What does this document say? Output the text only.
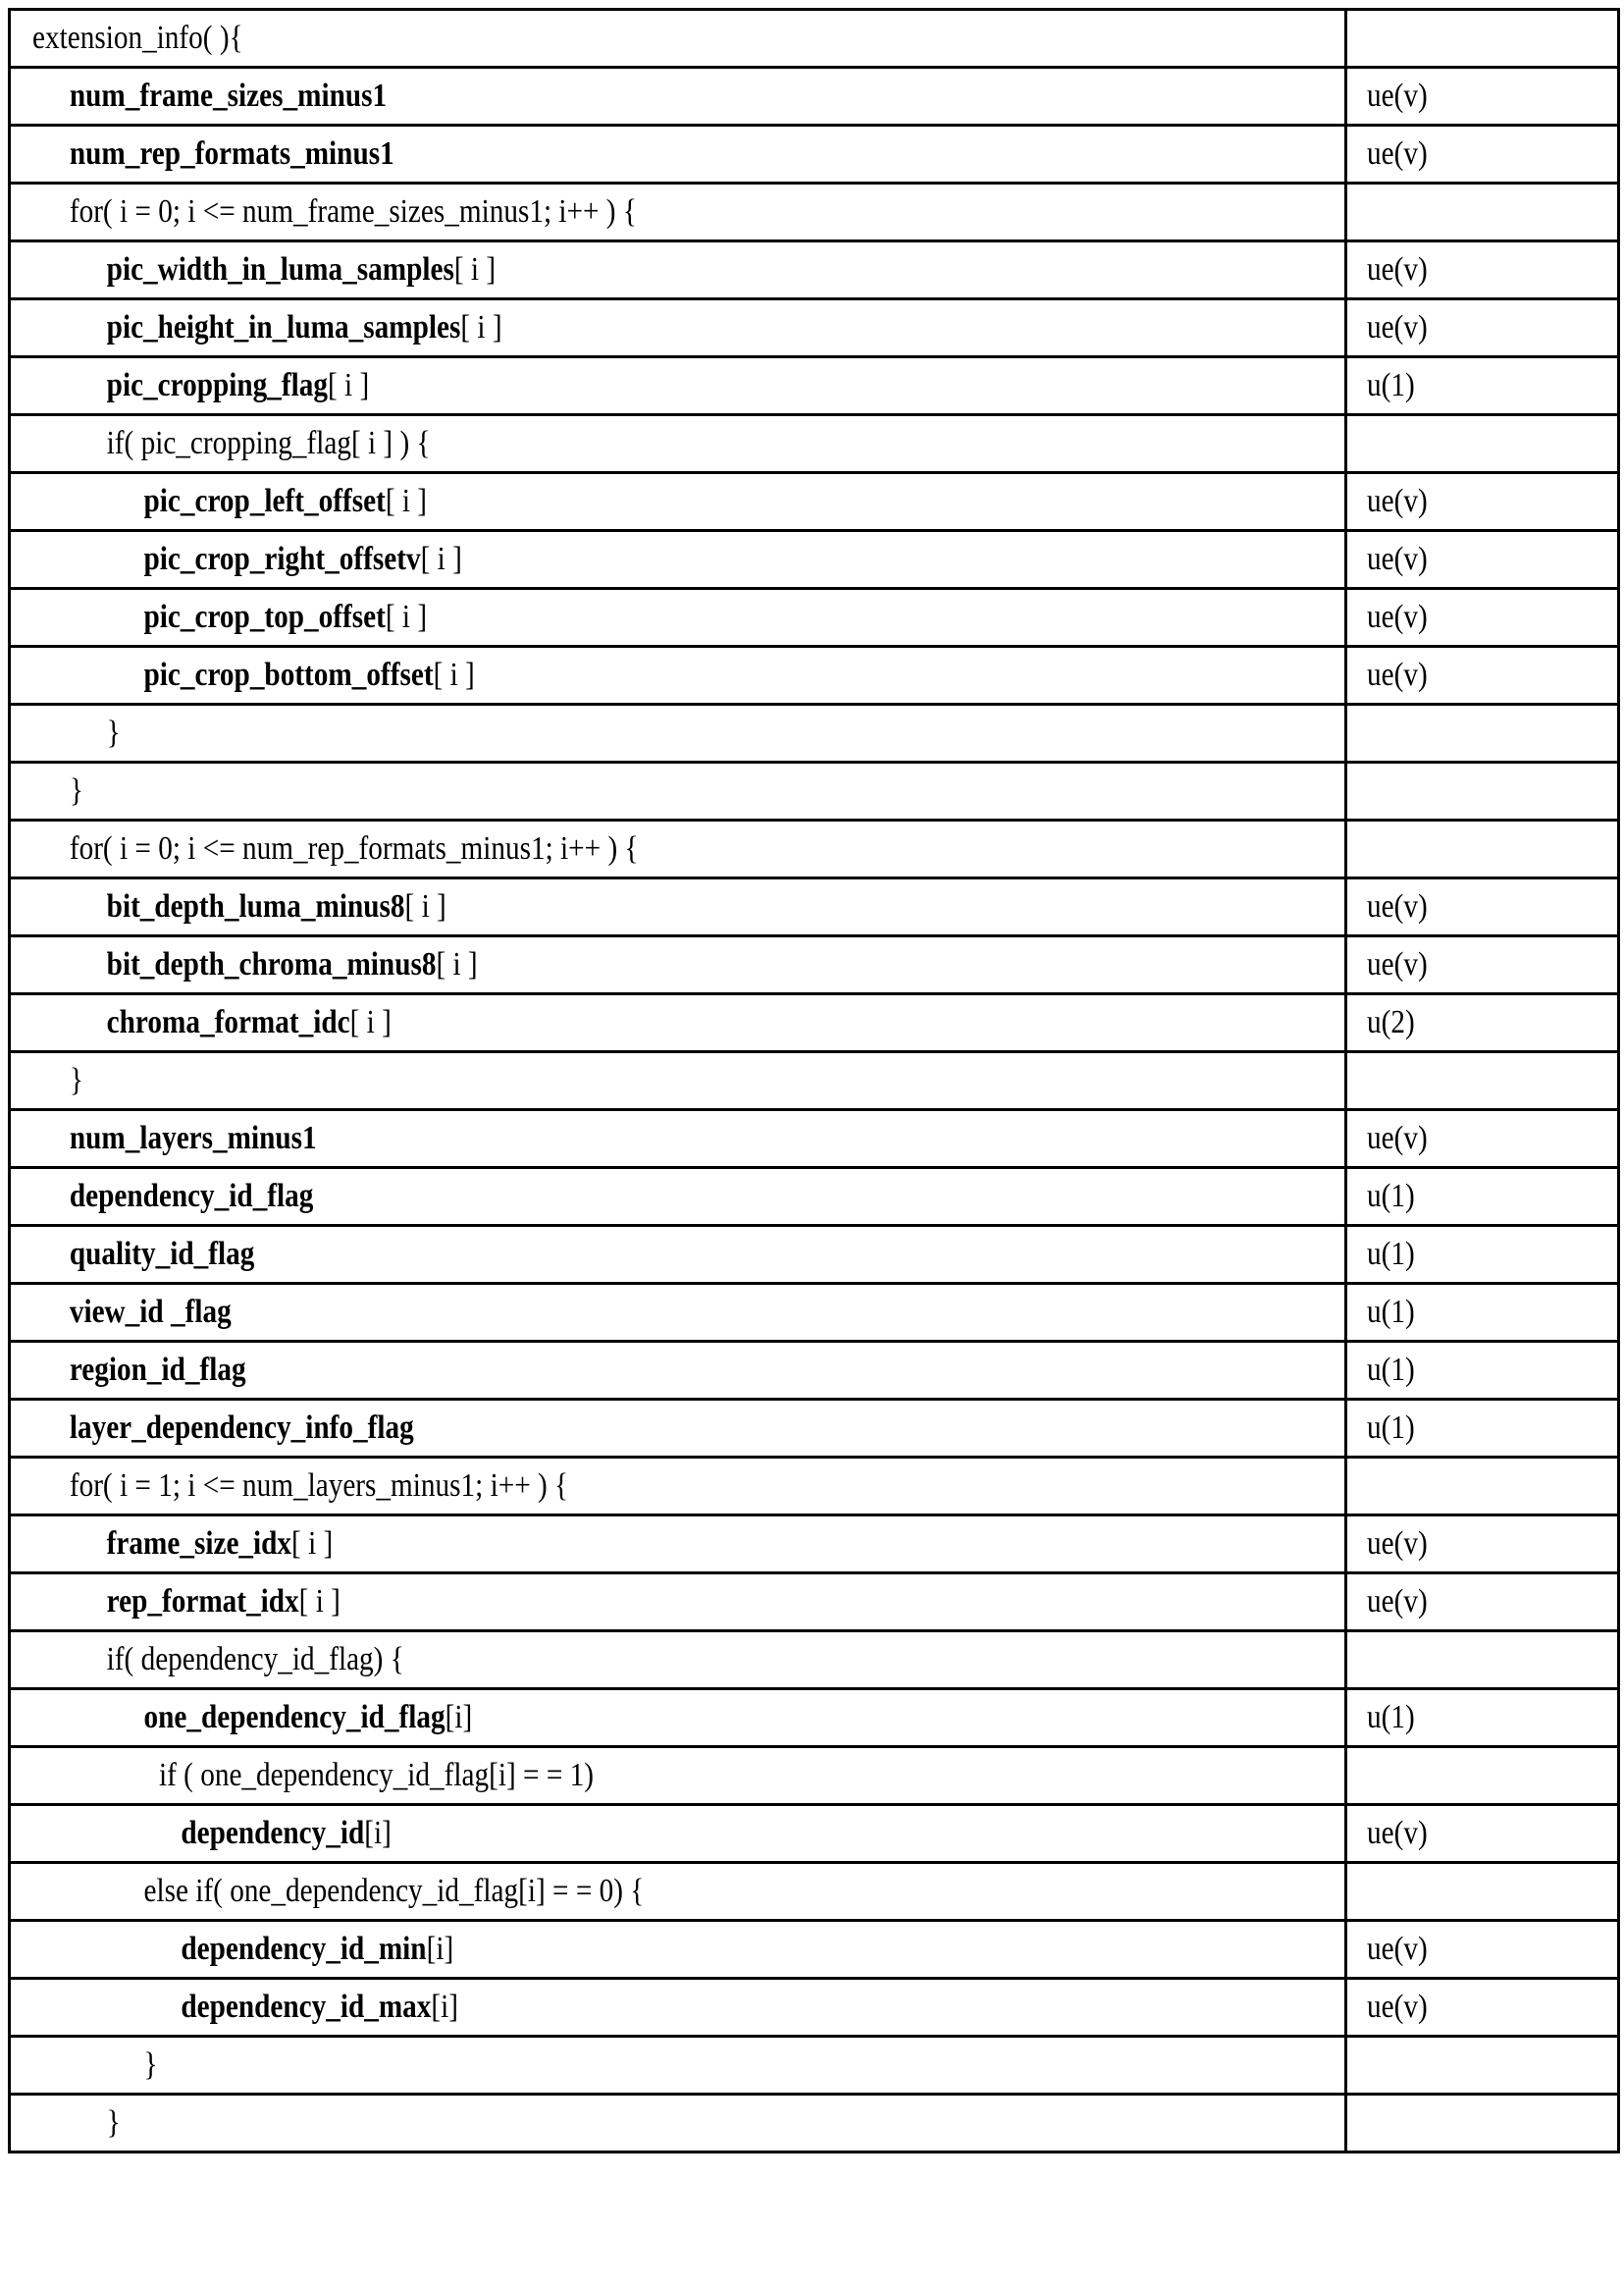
extension_info( ){	
num_frame_sizes_minus1	ue(v)
num_rep_formats_minus1	ue(v)
for( i = 0; i <= num_frame_sizes_minus1; i++ ) {	
pic_width_in_luma_samples[ i ]	ue(v)
pic_height_in_luma_samples[ i ]	ue(v)
pic_cropping_flag[ i ]	u(1)
if( pic_cropping_flag[ i ] ) {	
pic_crop_left_offset[ i ]	ue(v)
pic_crop_right_offsetv[ i ]	ue(v)
pic_crop_top_offset[ i ]	ue(v)
pic_crop_bottom_offset[ i ]	ue(v)
}	
}	
for( i = 0; i <= num_rep_formats_minus1; i++ ) {	
bit_depth_luma_minus8[ i ]	ue(v)
bit_depth_chroma_minus8[ i ]	ue(v)
chroma_format_idc[ i ]	u(2)
}	
num_layers_minus1	ue(v)
dependency_id_flag	u(1)
quality_id_flag	u(1)
view_id _flag	u(1)
region_id_flag	u(1)
layer_dependency_info_flag	u(1)
for( i = 1; i <= num_layers_minus1; i++ ) {	
frame_size_idx[ i ]	ue(v)
rep_format_idx[ i ]	ue(v)
if( dependency_id_flag) {	
one_dependency_id_flag[i]	u(1)
if ( one_dependency_id_flag[i] = = 1)	
dependency_id[i]	ue(v)
else if( one_dependency_id_flag[i] = = 0) {	
dependency_id_min[i]	ue(v)
dependency_id_max[i]	ue(v)
}	
}	
